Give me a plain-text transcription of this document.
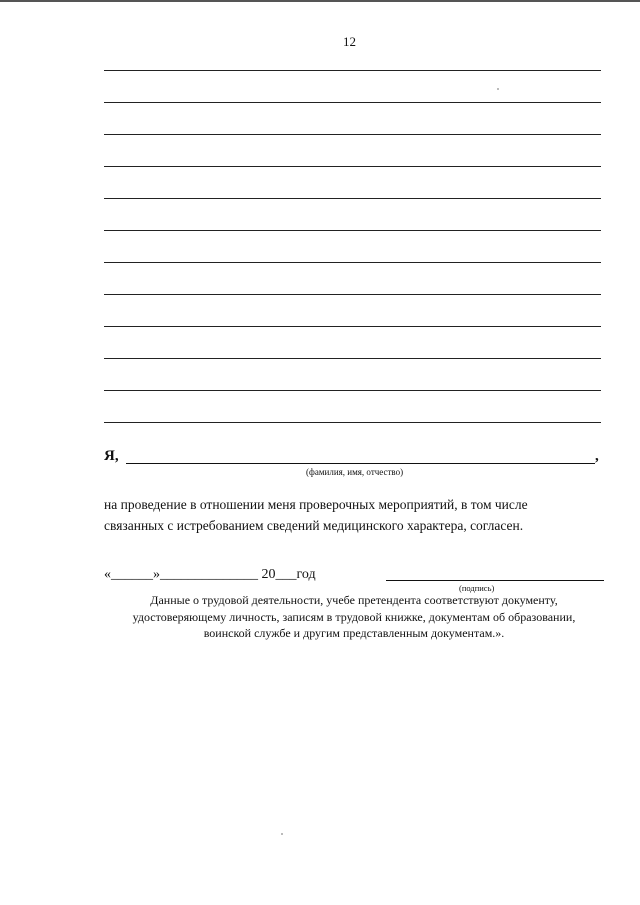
12
Я,	,
(фамилия, имя, отчество)
на проведение в отношении меня проверочных мероприятий, в том числе
связанных с истребованием сведений медицинского характера, согласен.
«______»______________ 20___год
(подпись)
Данные о трудовой деятельности, учебе претендента соответствуют документу,
удостоверяющему личность, записям в трудовой книжке, документам об образовании,
воинской службе и другим представленным документам.».
